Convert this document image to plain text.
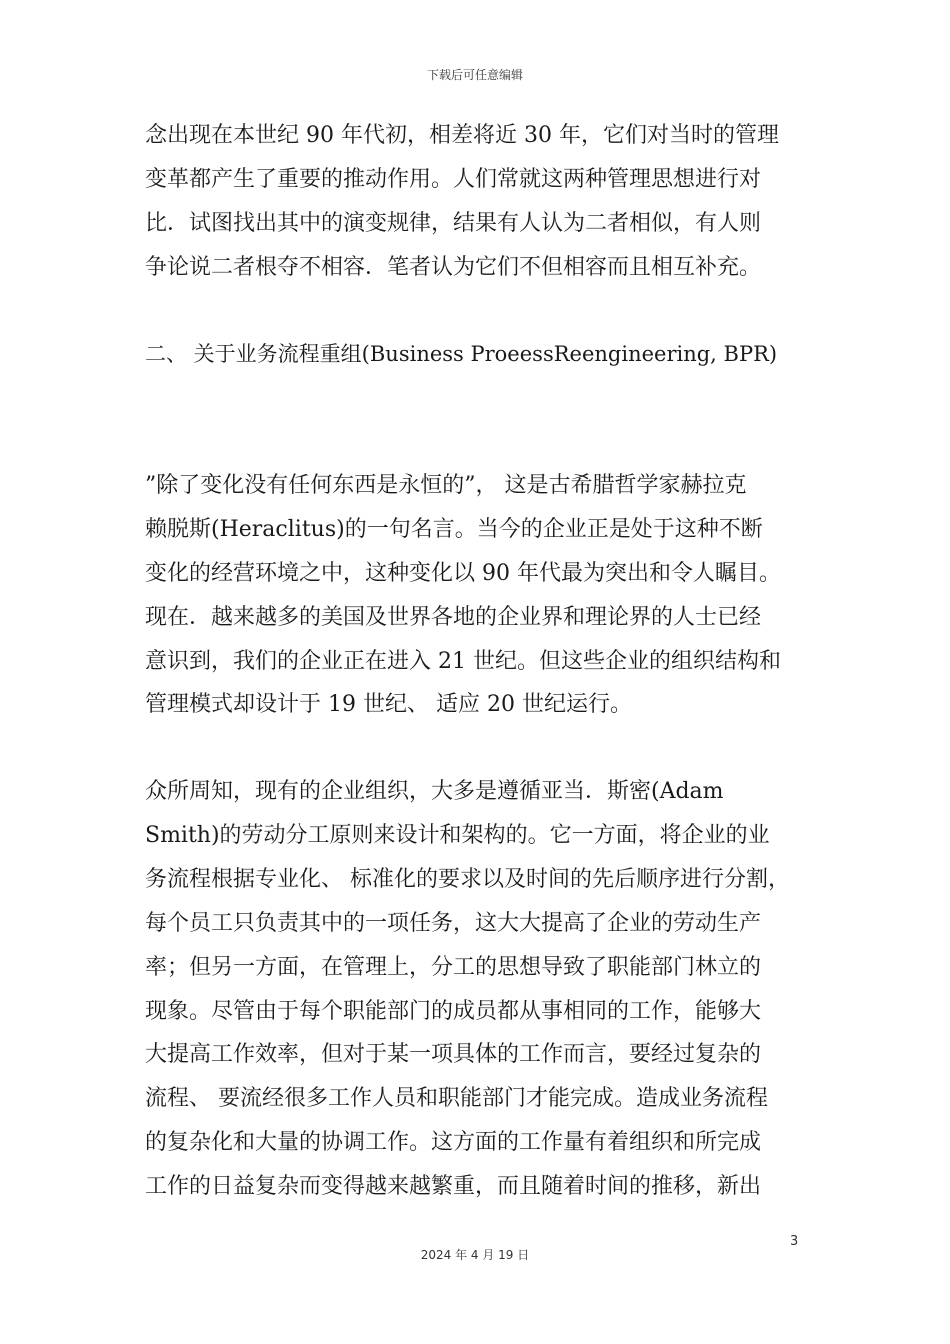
下载后可任意编辑
念出现在本世纪 90 年代初，相差将近 30 年，它们对当时的管理
变革都产生了重要的推动作用。人们常就这两种管理思想进行对
比．试图找出其中的演变规律，结果有人认为二者相似，有人则
争论说二者根夺不相容．笔者认为它们不但相容而且相互补充。
二、 关于业务流程重组(Business ProeessReengineering, BPR)
”除了变化没有任何东西是永恒的”， 这是古希腊哲学家赫拉克
赖脱斯(Heraclitus)的一句名言。当今的企业正是处于这种不断
变化的经营环境之中，这种变化以 90 年代最为突出和令人瞩目。
现在．越来越多的美国及世界各地的企业界和理论界的人士已经
意识到，我们的企业正在进入 21 世纪。但这些企业的组织结构和
管理模式却设计于 19 世纪、 适应 20 世纪运行。
众所周知，现有的企业组织，大多是遵循亚当．斯密(Adam
Smith)的劳动分工原则来设计和架构的。它一方面，将企业的业
务流程根据专业化、 标准化的要求以及时间的先后顺序进行分割，
每个员工只负责其中的一项任务，这大大提高了企业的劳动生产
率；但另一方面，在管理上，分工的思想导致了职能部门林立的
现象。尽管由于每个职能部门的成员都从事相同的工作，能够大
大提高工作效率，但对于某一项具体的工作而言，要经过复杂的
流程、 要流经很多工作人员和职能部门才能完成。造成业务流程
的复杂化和大量的协调工作。这方面的工作量有着组织和所完成
工作的日益复杂而变得越来越繁重，而且随着时间的推移，新出
3
2024 年 4 月 19 日
